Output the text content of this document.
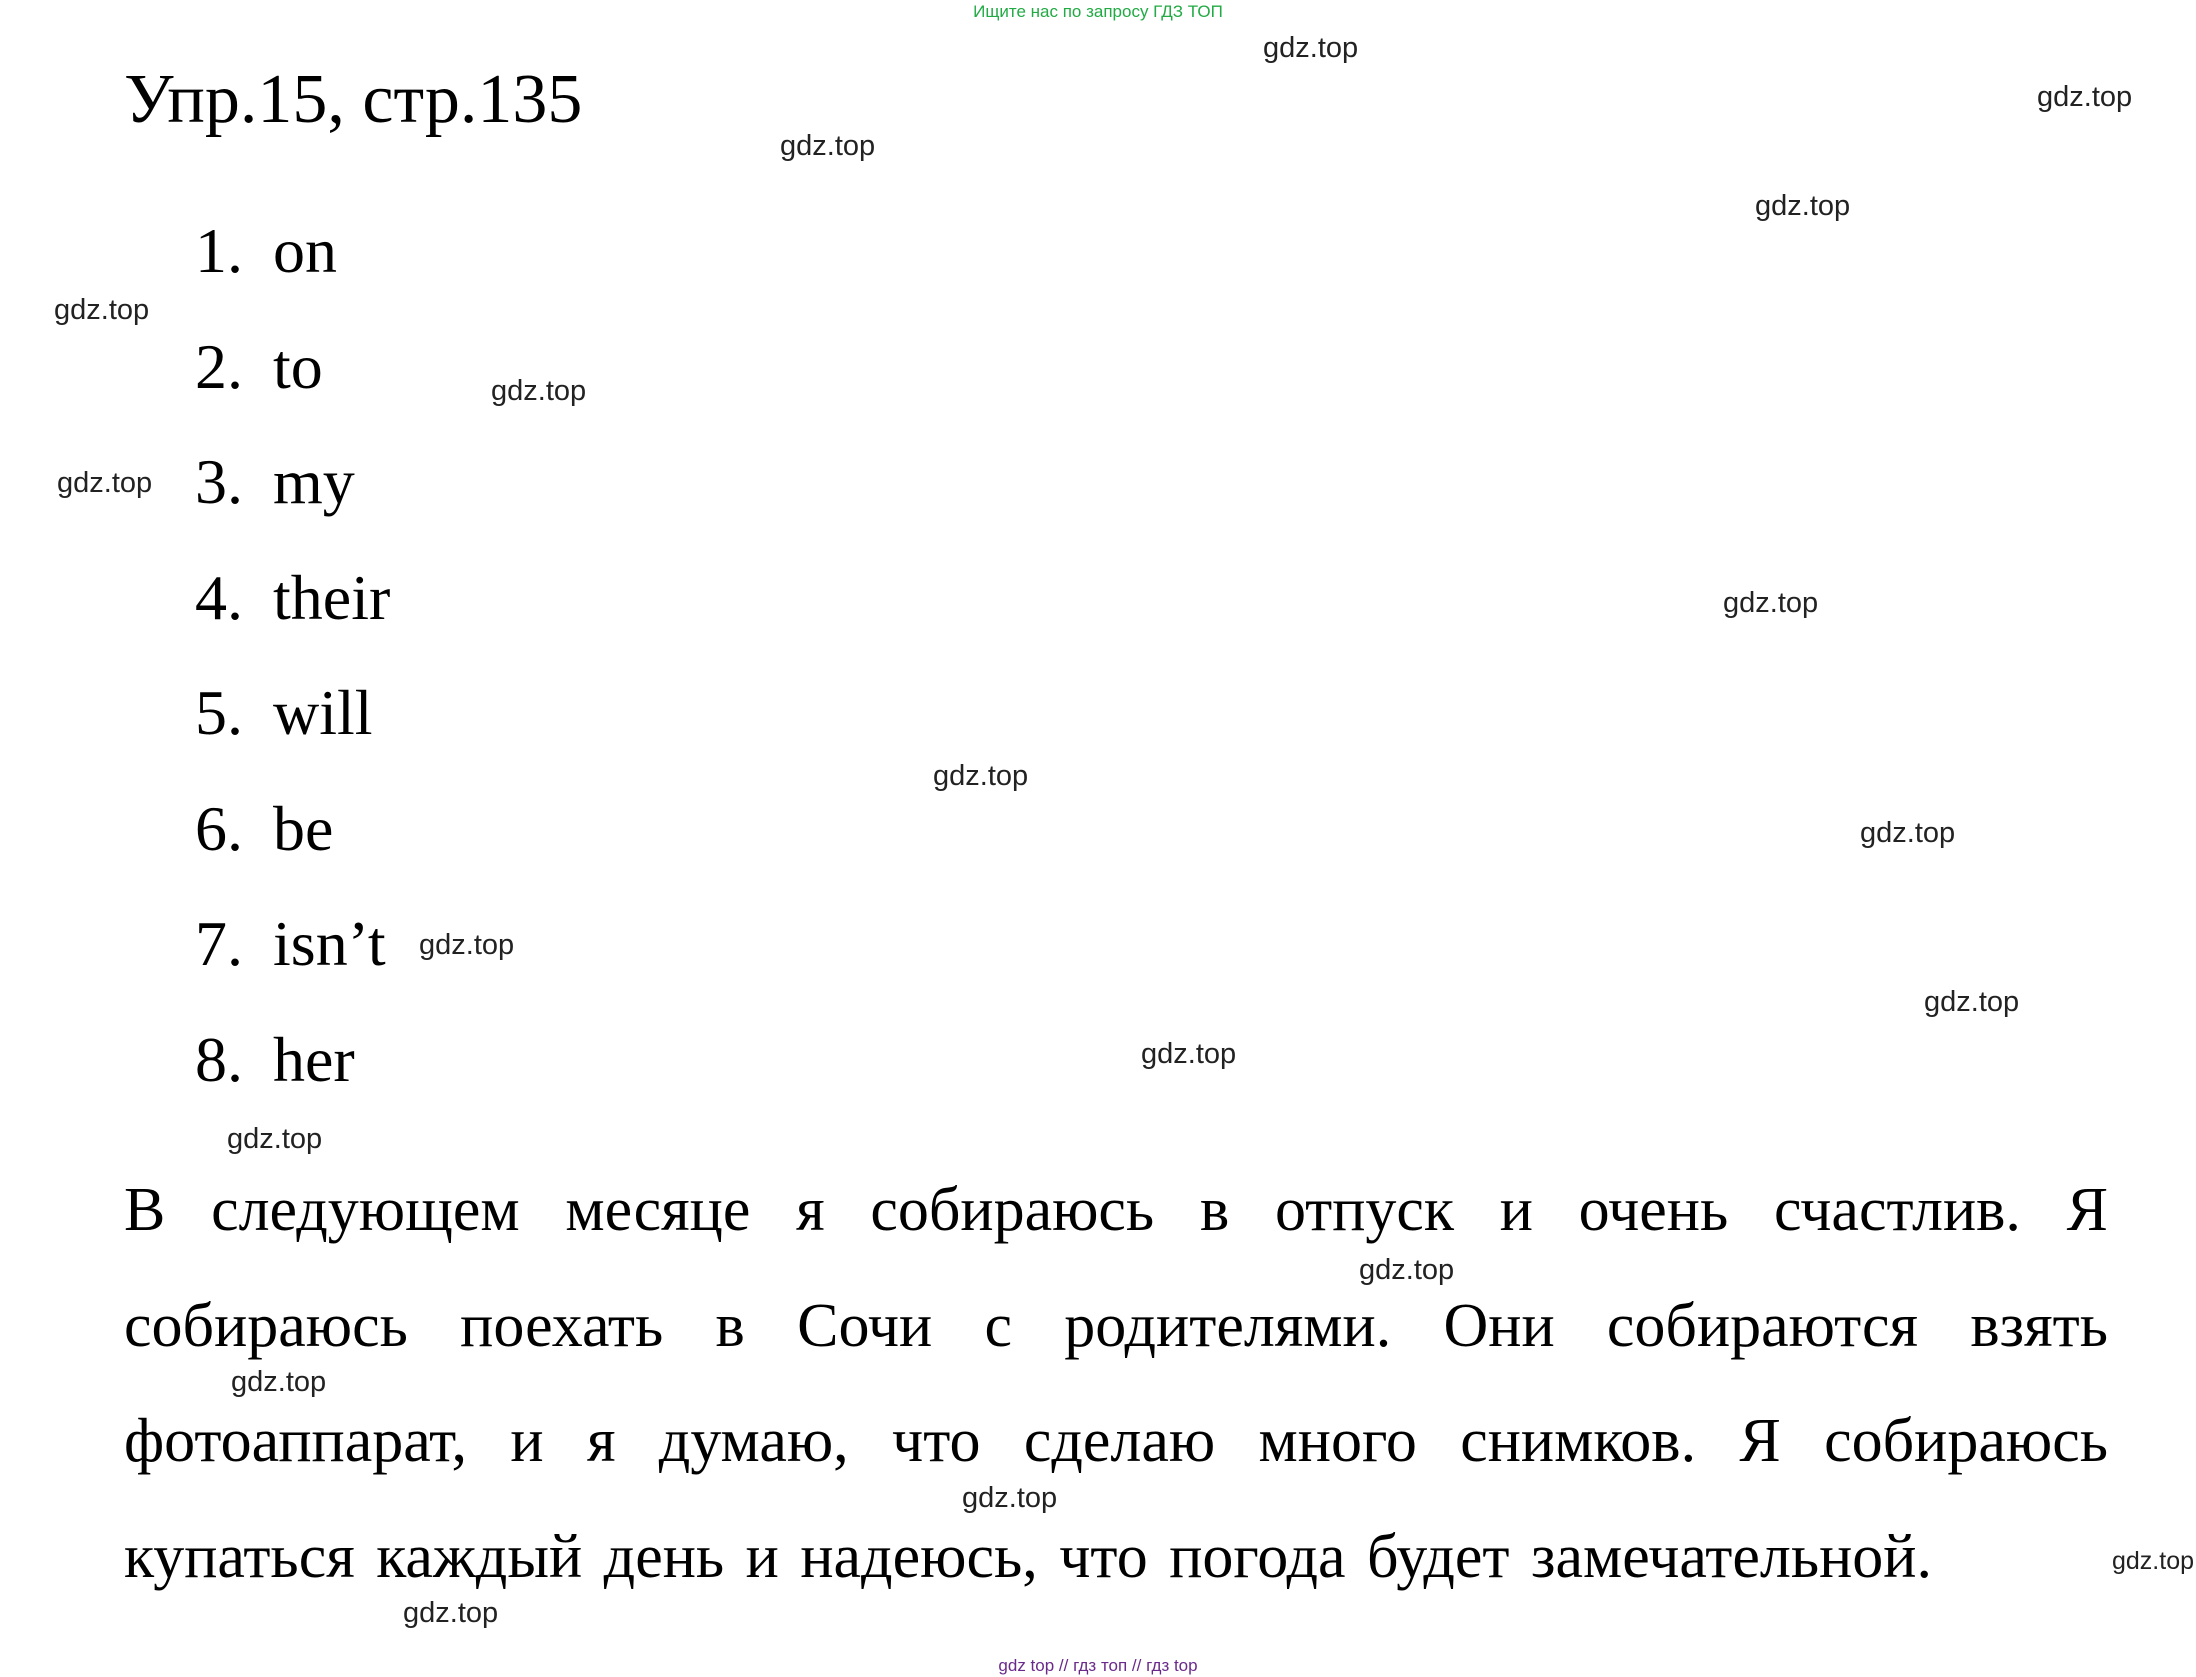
Ищите нас по запросу ГДЗ ТОП
Упр.15, стр.135
1. on
2. to
3. my
4. their
5. will
6. be
7. isn’t
8. her
В следующем месяце я собираюсь в отпуск и очень счастлив. Я
собираюсь поехать в Сочи с родителями. Они собираются взять
фотоаппарат, и я думаю, что сделаю много снимков. Я собираюсь
купаться каждый день и надеюсь, что погода будет замечательной.
gdz.top
gdz.top
gdz.top
gdz.top
gdz.top
gdz.top
gdz.top
gdz.top
gdz.top
gdz.top
gdz.top
gdz.top
gdz.top
gdz.top
gdz.top
gdz.top
gdz.top
gdz.top
gdz.top
gdz top // гдз топ // гдз top
